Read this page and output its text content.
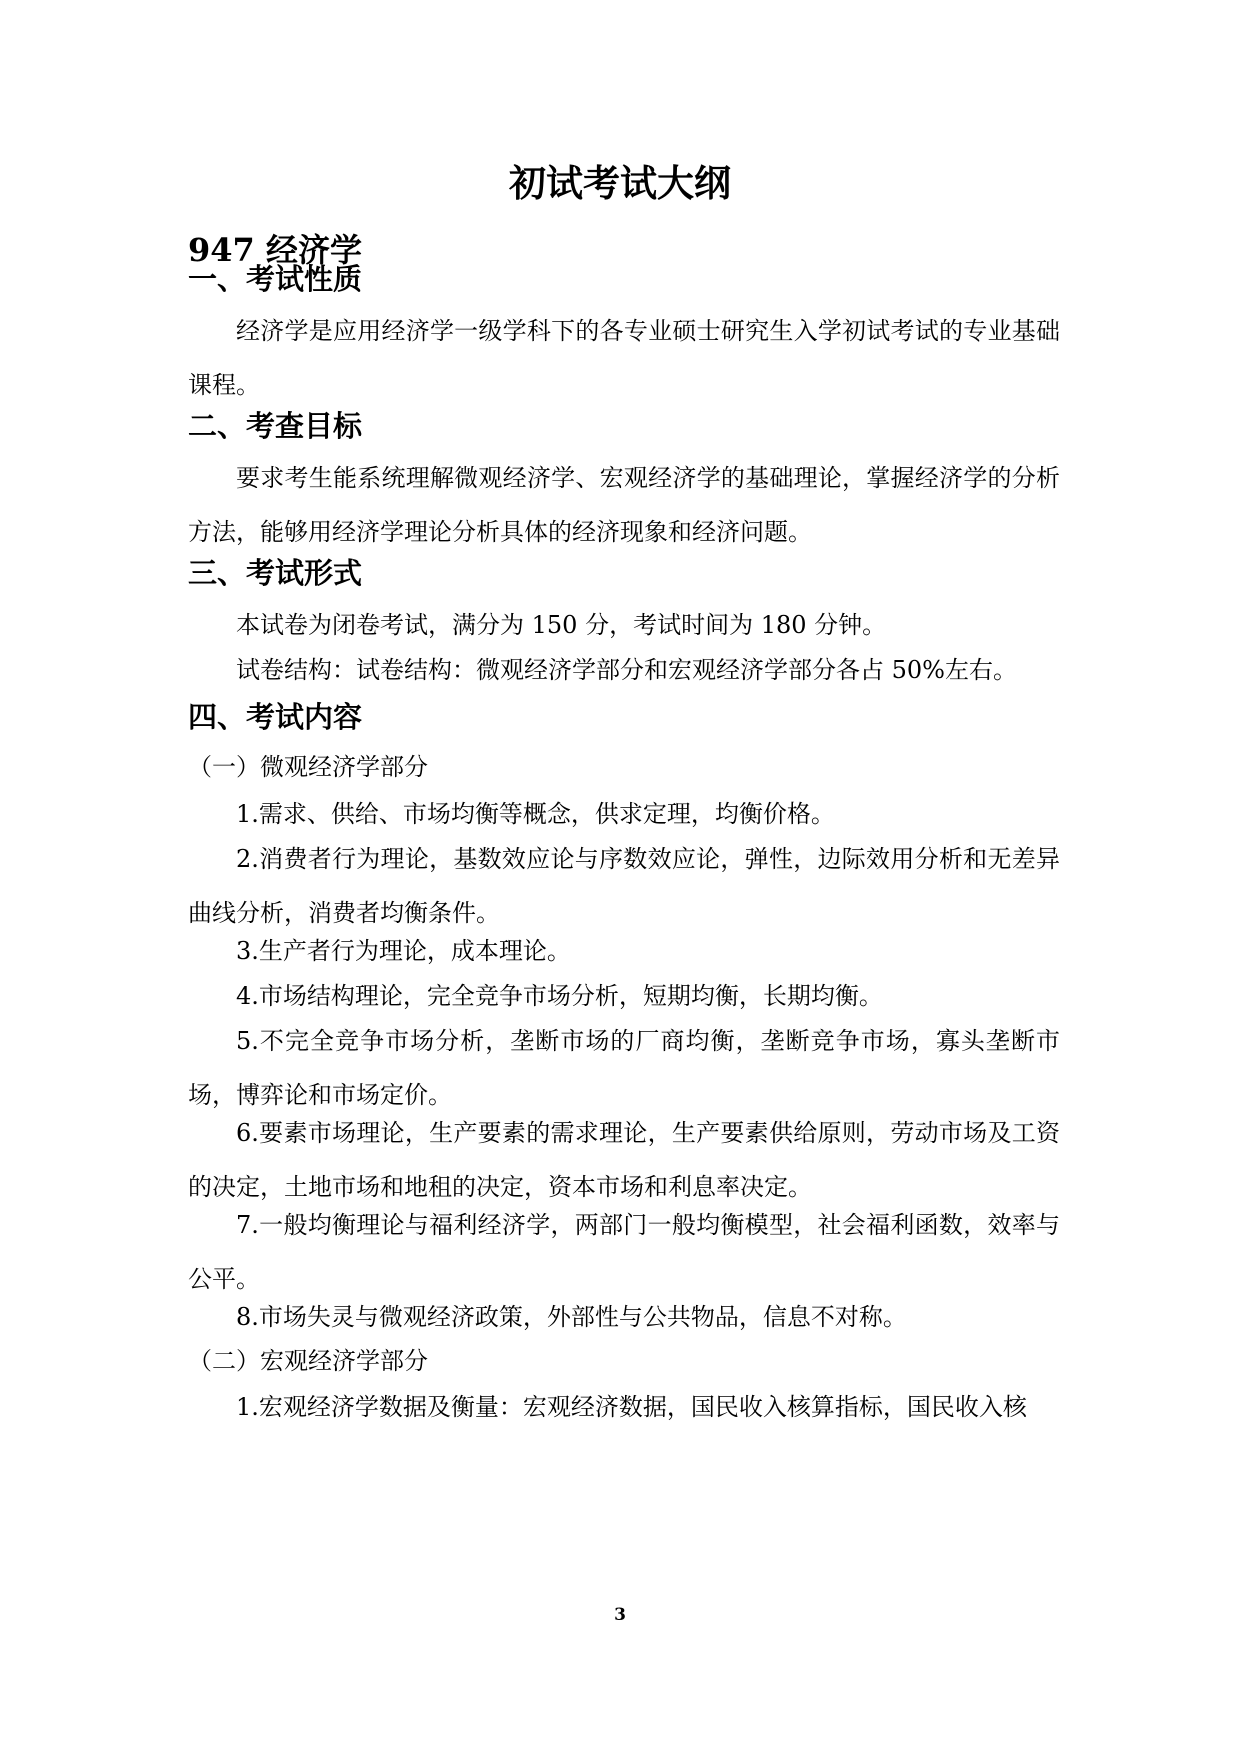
初试考试大纲
947 经济学
一、考试性质

经济学是应用经济学一级学科下的各专业硕士研究生入学初试考试的专业基础课程。

二、考查目标

要求考生能系统理解微观经济学、宏观经济学的基础理论，掌握经济学的分析方法，能够用经济学理论分析具体的经济现象和经济问题。

三、考试形式

本试卷为闭卷考试，满分为 150 分，考试时间为 180 分钟。

试卷结构：试卷结构：微观经济学部分和宏观经济学部分各占 50%左右。

四、考试内容

（一）微观经济学部分

1.需求、供给、市场均衡等概念，供求定理，均衡价格。

2.消费者行为理论，基数效应论与序数效应论，弹性，边际效用分析和无差异曲线分析，消费者均衡条件。

3.生产者行为理论，成本理论。

4.市场结构理论，完全竞争市场分析，短期均衡，长期均衡。

5.不完全竞争市场分析，垄断市场的厂商均衡，垄断竞争市场，寡头垄断市场，博弈论和市场定价。

6.要素市场理论，生产要素的需求理论，生产要素供给原则，劳动市场及工资的决定，土地市场和地租的决定，资本市场和利息率决定。

7.一般均衡理论与福利经济学，两部门一般均衡模型，社会福利函数，效率与公平。

8.市场失灵与微观经济政策，外部性与公共物品，信息不对称。

（二）宏观经济学部分

1.宏观经济学数据及衡量：宏观经济数据，国民收入核算指标，国民收入核

3
